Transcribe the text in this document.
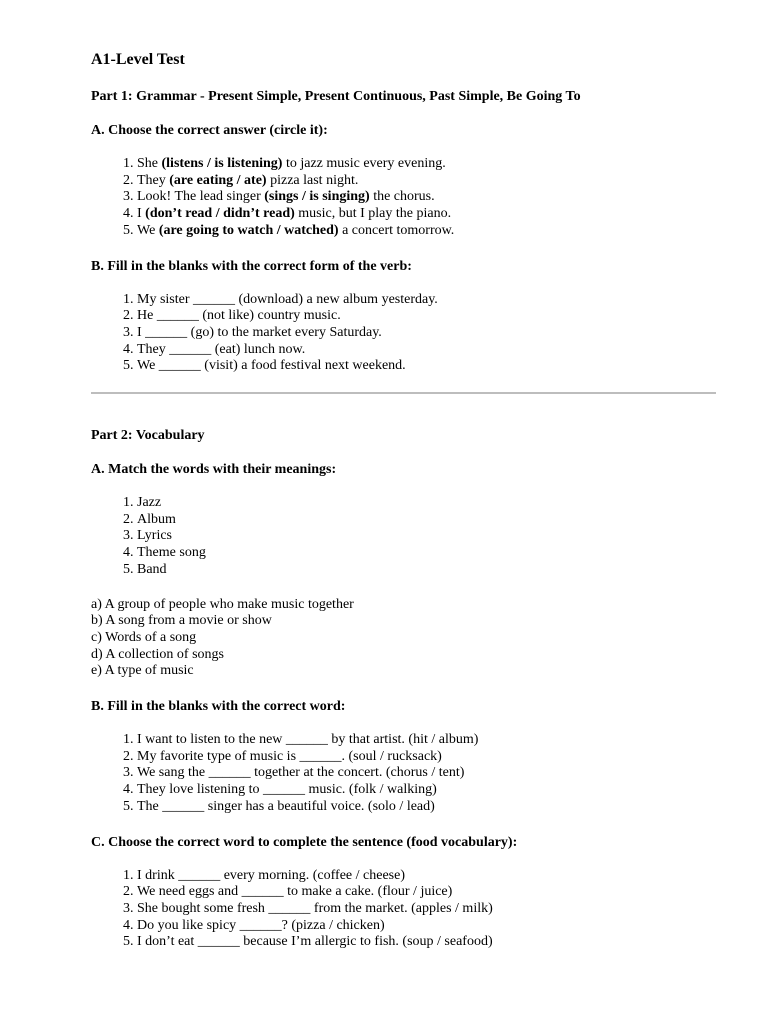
A1-Level Test

Part 1: Grammar - Present Simple, Present Continuous, Past Simple, Be Going To

A. Choose the correct answer (circle it):

1. She (listens / is listening) to jazz music every evening.
2. They (are eating / ate) pizza last night.
3. Look! The lead singer (sings / is singing) the chorus.
4. I (don’t read / didn’t read) music, but I play the piano.
5. We (are going to watch / watched) a concert tomorrow.

B. Fill in the blanks with the correct form of the verb:

1. My sister ______ (download) a new album yesterday.
2. He ______ (not like) country music.
3. I ______ (go) to the market every Saturday.
4. They ______ (eat) lunch now.
5. We ______ (visit) a food festival next weekend.

Part 2: Vocabulary

A. Match the words with their meanings:

1. Jazz
2. Album
3. Lyrics
4. Theme song
5. Band
a) A group of people who make music together
b) A song from a movie or show
c) Words of a song
d) A collection of songs
e) A type of music

B. Fill in the blanks with the correct word:

1. I want to listen to the new ______ by that artist. (hit / album)
2. My favorite type of music is ______. (soul / rucksack)
3. We sang the ______ together at the concert. (chorus / tent)
4. They love listening to ______ music. (folk / walking)
5. The ______ singer has a beautiful voice. (solo / lead)

C. Choose the correct word to complete the sentence (food vocabulary):

1. I drink ______ every morning. (coffee / cheese)
2. We need eggs and ______ to make a cake. (flour / juice)
3. She bought some fresh ______ from the market. (apples / milk)
4. Do you like spicy ______? (pizza / chicken)
5. I don’t eat ______ because I’m allergic to fish. (soup / seafood)
